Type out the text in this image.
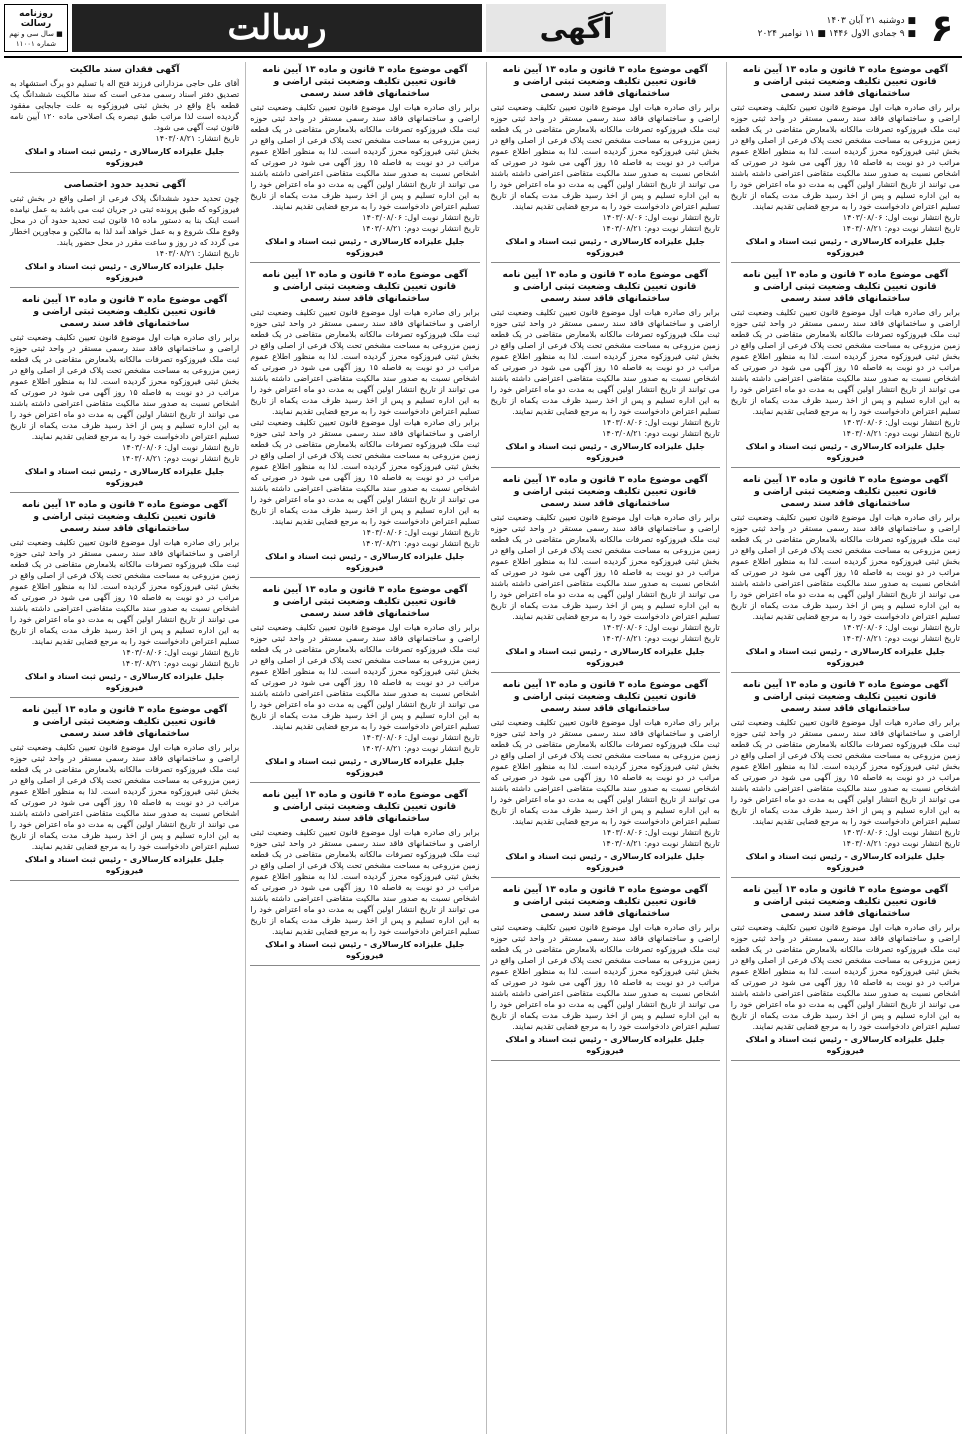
روزنامه رسالت
سال سی و نهم ■
شماره ۱۱۰۰۱	رسالت	آگهی	■ دوشنبه ۲۱ آبان ۱۴۰۳
■ ۹ جمادی الاول ۱۴۴۶ ■ ۱۱ نوامبر ۲۰۲۴ ۶
آگهی موضوع ماده ۳ قانون و ماده ۱۳ آیین نامه قانون تعیین تکلیف وضعیت ثبتی اراضی و ساختمانهای فاقد سند رسمی
برابر رای صادره هیات اول موضوع قانون تعیین تکلیف وضعیت ثبتی اراضی و ساختمانهای فاقد سند رسمی مستقر در واحد ثبتی حوزه ثبت ملک فیروزکوه تصرفات مالکانه بلامعارض متقاضی در یک قطعه زمین مزروعی به مساحت مشخص تحت پلاک فرعی از اصلی واقع در بخش ثبتی فیروزکوه محرز گردیده است. لذا به منظور اطلاع عموم مراتب در دو نوبت به فاصله ۱۵ روز آگهی می شود در صورتی که اشخاص نسبت به صدور سند مالکیت متقاضی اعتراضی داشته باشند می توانند از تاریخ انتشار اولین آگهی به مدت دو ماه اعتراض خود را به این اداره تسلیم و پس از اخذ رسید ظرف مدت یکماه از تاریخ تسلیم اعتراض دادخواست خود را به مرجع قضایی تقدیم نمایند.
تاریخ انتشار نوبت اول: ۱۴۰۳/۰۸/۰۶
تاریخ انتشار نوبت دوم: ۱۴۰۳/۰۸/۲۱
جلیل علیزاده کارسالاری - رئیس ثبت اسناد و املاک فیروزکوه
آگهی موضوع ماده ۳ قانون و ماده ۱۳ آیین نامه قانون تعیین تکلیف وضعیت ثبتی اراضی و ساختمانهای فاقد سند رسمی
برابر رای صادره هیات اول موضوع قانون تعیین تکلیف وضعیت ثبتی اراضی و ساختمانهای فاقد سند رسمی مستقر در واحد ثبتی حوزه ثبت ملک فیروزکوه تصرفات مالکانه بلامعارض متقاضی در یک قطعه زمین مزروعی به مساحت مشخص تحت پلاک فرعی از اصلی واقع در بخش ثبتی فیروزکوه محرز گردیده است. لذا به منظور اطلاع عموم مراتب در دو نوبت به فاصله ۱۵ روز آگهی می شود در صورتی که اشخاص نسبت به صدور سند مالکیت متقاضی اعتراضی داشته باشند می توانند از تاریخ انتشار اولین آگهی به مدت دو ماه اعتراض خود را به این اداره تسلیم و پس از اخذ رسید ظرف مدت یکماه از تاریخ تسلیم اعتراض دادخواست خود را به مرجع قضایی تقدیم نمایند.
تاریخ انتشار نوبت اول: ۱۴۰۳/۰۸/۰۶
تاریخ انتشار نوبت دوم: ۱۴۰۳/۰۸/۲۱
جلیل علیزاده کارسالاری - رئیس ثبت اسناد و املاک فیروزکوه
آگهی موضوع ماده ۳ قانون و ماده ۱۳ آیین نامه قانون تعیین تکلیف وضعیت ثبتی اراضی و ساختمانهای فاقد سند رسمی
برابر رای صادره هیات اول موضوع قانون تعیین تکلیف وضعیت ثبتی اراضی و ساختمانهای فاقد سند رسمی مستقر در واحد ثبتی حوزه ثبت ملک فیروزکوه تصرفات مالکانه بلامعارض متقاضی در یک قطعه زمین مزروعی به مساحت مشخص تحت پلاک فرعی از اصلی واقع در بخش ثبتی فیروزکوه محرز گردیده است. لذا به منظور اطلاع عموم مراتب در دو نوبت به فاصله ۱۵ روز آگهی می شود در صورتی که اشخاص نسبت به صدور سند مالکیت متقاضی اعتراضی داشته باشند می توانند از تاریخ انتشار اولین آگهی به مدت دو ماه اعتراض خود را به این اداره تسلیم و پس از اخذ رسید ظرف مدت یکماه از تاریخ تسلیم اعتراض دادخواست خود را به مرجع قضایی تقدیم نمایند.
تاریخ انتشار نوبت اول: ۱۴۰۳/۰۸/۰۶
تاریخ انتشار نوبت دوم: ۱۴۰۳/۰۸/۲۱
جلیل علیزاده کارسالاری - رئیس ثبت اسناد و املاک فیروزکوه
آگهی موضوع ماده ۳ قانون و ماده ۱۳ آیین نامه قانون تعیین تکلیف وضعیت ثبتی اراضی و ساختمانهای فاقد سند رسمی
برابر رای صادره هیات اول موضوع قانون تعیین تکلیف وضعیت ثبتی اراضی و ساختمانهای فاقد سند رسمی مستقر در واحد ثبتی حوزه ثبت ملک فیروزکوه تصرفات مالکانه بلامعارض متقاضی در یک قطعه زمین مزروعی به مساحت مشخص تحت پلاک فرعی از اصلی واقع در بخش ثبتی فیروزکوه محرز گردیده است. لذا به منظور اطلاع عموم مراتب در دو نوبت به فاصله ۱۵ روز آگهی می شود در صورتی که اشخاص نسبت به صدور سند مالکیت متقاضی اعتراضی داشته باشند می توانند از تاریخ انتشار اولین آگهی به مدت دو ماه اعتراض خود را به این اداره تسلیم و پس از اخذ رسید ظرف مدت یکماه از تاریخ تسلیم اعتراض دادخواست خود را به مرجع قضایی تقدیم نمایند.
تاریخ انتشار نوبت اول: ۱۴۰۳/۰۸/۰۶
تاریخ انتشار نوبت دوم: ۱۴۰۳/۰۸/۲۱
جلیل علیزاده کارسالاری - رئیس ثبت اسناد و املاک فیروزکوه
آگهی موضوع ماده ۳ قانون و ماده ۱۳ آیین نامه قانون تعیین تکلیف وضعیت ثبتی اراضی و ساختمانهای فاقد سند رسمی
برابر رای صادره هیات اول موضوع قانون تعیین تکلیف وضعیت ثبتی اراضی و ساختمانهای فاقد سند رسمی مستقر در واحد ثبتی حوزه ثبت ملک فیروزکوه تصرفات مالکانه بلامعارض متقاضی در یک قطعه زمین مزروعی به مساحت مشخص تحت پلاک فرعی از اصلی واقع در بخش ثبتی فیروزکوه محرز گردیده است. لذا به منظور اطلاع عموم مراتب در دو نوبت به فاصله ۱۵ روز آگهی می شود در صورتی که اشخاص نسبت به صدور سند مالکیت متقاضی اعتراضی داشته باشند می توانند از تاریخ انتشار اولین آگهی به مدت دو ماه اعتراض خود را به این اداره تسلیم و پس از اخذ رسید ظرف مدت یکماه از تاریخ تسلیم اعتراض دادخواست خود را به مرجع قضایی تقدیم نمایند.
جلیل علیزاده کارسالاری - رئیس ثبت اسناد و املاک فیروزکوه
آگهی موضوع ماده ۳ قانون و ماده ۱۳ آیین نامه قانون تعیین تکلیف وضعیت ثبتی اراضی و ساختمانهای فاقد سند رسمی
برابر رای صادره هیات اول موضوع قانون تعیین تکلیف وضعیت ثبتی اراضی و ساختمانهای فاقد سند رسمی مستقر در واحد ثبتی حوزه ثبت ملک فیروزکوه تصرفات مالکانه بلامعارض متقاضی در یک قطعه زمین مزروعی به مساحت مشخص تحت پلاک فرعی از اصلی واقع در بخش ثبتی فیروزکوه محرز گردیده است. لذا به منظور اطلاع عموم مراتب در دو نوبت به فاصله ۱۵ روز آگهی می شود در صورتی که اشخاص نسبت به صدور سند مالکیت متقاضی اعتراضی داشته باشند می توانند از تاریخ انتشار اولین آگهی به مدت دو ماه اعتراض خود را به این اداره تسلیم و پس از اخذ رسید ظرف مدت یکماه از تاریخ تسلیم اعتراض دادخواست خود را به مرجع قضایی تقدیم نمایند.
تاریخ انتشار نوبت اول: ۱۴۰۳/۰۸/۰۶
تاریخ انتشار نوبت دوم: ۱۴۰۳/۰۸/۲۱
جلیل علیزاده کارسالاری - رئیس ثبت اسناد و املاک فیروزکوه
آگهی موضوع ماده ۳ قانون و ماده ۱۳ آیین نامه قانون تعیین تکلیف وضعیت ثبتی اراضی و ساختمانهای فاقد سند رسمی
برابر رای صادره هیات اول موضوع قانون تعیین تکلیف وضعیت ثبتی اراضی و ساختمانهای فاقد سند رسمی مستقر در واحد ثبتی حوزه ثبت ملک فیروزکوه تصرفات مالکانه بلامعارض متقاضی در یک قطعه زمین مزروعی به مساحت مشخص تحت پلاک فرعی از اصلی واقع در بخش ثبتی فیروزکوه محرز گردیده است. لذا به منظور اطلاع عموم مراتب در دو نوبت به فاصله ۱۵ روز آگهی می شود در صورتی که اشخاص نسبت به صدور سند مالکیت متقاضی اعتراضی داشته باشند می توانند از تاریخ انتشار اولین آگهی به مدت دو ماه اعتراض خود را به این اداره تسلیم و پس از اخذ رسید ظرف مدت یکماه از تاریخ تسلیم اعتراض دادخواست خود را به مرجع قضایی تقدیم نمایند.
تاریخ انتشار نوبت اول: ۱۴۰۳/۰۸/۰۶
تاریخ انتشار نوبت دوم: ۱۴۰۳/۰۸/۲۱
جلیل علیزاده کارسالاری - رئیس ثبت اسناد و املاک فیروزکوه
آگهی موضوع ماده ۳ قانون و ماده ۱۳ آیین نامه قانون تعیین تکلیف وضعیت ثبتی اراضی و ساختمانهای فاقد سند رسمی
برابر رای صادره هیات اول موضوع قانون تعیین تکلیف وضعیت ثبتی اراضی و ساختمانهای فاقد سند رسمی مستقر در واحد ثبتی حوزه ثبت ملک فیروزکوه تصرفات مالکانه بلامعارض متقاضی در یک قطعه زمین مزروعی به مساحت مشخص تحت پلاک فرعی از اصلی واقع در بخش ثبتی فیروزکوه محرز گردیده است. لذا به منظور اطلاع عموم مراتب در دو نوبت به فاصله ۱۵ روز آگهی می شود در صورتی که اشخاص نسبت به صدور سند مالکیت متقاضی اعتراضی داشته باشند می توانند از تاریخ انتشار اولین آگهی به مدت دو ماه اعتراض خود را به این اداره تسلیم و پس از اخذ رسید ظرف مدت یکماه از تاریخ تسلیم اعتراض دادخواست خود را به مرجع قضایی تقدیم نمایند.
تاریخ انتشار نوبت اول: ۱۴۰۳/۰۸/۰۶
تاریخ انتشار نوبت دوم: ۱۴۰۳/۰۸/۲۱
جلیل علیزاده کارسالاری - رئیس ثبت اسناد و املاک فیروزکوه
آگهی موضوع ماده ۳ قانون و ماده ۱۳ آیین نامه قانون تعیین تکلیف وضعیت ثبتی اراضی و ساختمانهای فاقد سند رسمی
برابر رای صادره هیات اول موضوع قانون تعیین تکلیف وضعیت ثبتی اراضی و ساختمانهای فاقد سند رسمی مستقر در واحد ثبتی حوزه ثبت ملک فیروزکوه تصرفات مالکانه بلامعارض متقاضی در یک قطعه زمین مزروعی به مساحت مشخص تحت پلاک فرعی از اصلی واقع در بخش ثبتی فیروزکوه محرز گردیده است. لذا به منظور اطلاع عموم مراتب در دو نوبت به فاصله ۱۵ روز آگهی می شود در صورتی که اشخاص نسبت به صدور سند مالکیت متقاضی اعتراضی داشته باشند می توانند از تاریخ انتشار اولین آگهی به مدت دو ماه اعتراض خود را به این اداره تسلیم و پس از اخذ رسید ظرف مدت یکماه از تاریخ تسلیم اعتراض دادخواست خود را به مرجع قضایی تقدیم نمایند.
تاریخ انتشار نوبت اول: ۱۴۰۳/۰۸/۰۶
تاریخ انتشار نوبت دوم: ۱۴۰۳/۰۸/۲۱
جلیل علیزاده کارسالاری - رئیس ثبت اسناد و املاک فیروزکوه
آگهی موضوع ماده ۳ قانون و ماده ۱۳ آیین نامه قانون تعیین تکلیف وضعیت ثبتی اراضی و ساختمانهای فاقد سند رسمی
برابر رای صادره هیات اول موضوع قانون تعیین تکلیف وضعیت ثبتی اراضی و ساختمانهای فاقد سند رسمی مستقر در واحد ثبتی حوزه ثبت ملک فیروزکوه تصرفات مالکانه بلامعارض متقاضی در یک قطعه زمین مزروعی به مساحت مشخص تحت پلاک فرعی از اصلی واقع در بخش ثبتی فیروزکوه محرز گردیده است. لذا به منظور اطلاع عموم مراتب در دو نوبت به فاصله ۱۵ روز آگهی می شود در صورتی که اشخاص نسبت به صدور سند مالکیت متقاضی اعتراضی داشته باشند می توانند از تاریخ انتشار اولین آگهی به مدت دو ماه اعتراض خود را به این اداره تسلیم و پس از اخذ رسید ظرف مدت یکماه از تاریخ تسلیم اعتراض دادخواست خود را به مرجع قضایی تقدیم نمایند.
جلیل علیزاده کارسالاری - رئیس ثبت اسناد و املاک فیروزکوه
آگهی موضوع ماده ۳ قانون و ماده ۱۳ آیین نامه قانون تعیین تکلیف وضعیت ثبتی اراضی و ساختمانهای فاقد سند رسمی
برابر رای صادره هیات اول موضوع قانون تعیین تکلیف وضعیت ثبتی اراضی و ساختمانهای فاقد سند رسمی مستقر در واحد ثبتی حوزه ثبت ملک فیروزکوه تصرفات مالکانه بلامعارض متقاضی در یک قطعه زمین مزروعی به مساحت مشخص تحت پلاک فرعی از اصلی واقع در بخش ثبتی فیروزکوه محرز گردیده است. لذا به منظور اطلاع عموم مراتب در دو نوبت به فاصله ۱۵ روز آگهی می شود در صورتی که اشخاص نسبت به صدور سند مالکیت متقاضی اعتراضی داشته باشند می توانند از تاریخ انتشار اولین آگهی به مدت دو ماه اعتراض خود را به این اداره تسلیم و پس از اخذ رسید ظرف مدت یکماه از تاریخ تسلیم اعتراض دادخواست خود را به مرجع قضایی تقدیم نمایند.
تاریخ انتشار نوبت اول: ۱۴۰۳/۰۸/۰۶
تاریخ انتشار نوبت دوم: ۱۴۰۳/۰۸/۲۱
جلیل علیزاده کارسالاری - رئیس ثبت اسناد و املاک فیروزکوه
آگهی موضوع ماده ۳ قانون و ماده ۱۳ آیین نامه قانون تعیین تکلیف وضعیت ثبتی اراضی و ساختمانهای فاقد سند رسمی
برابر رای صادره هیات اول موضوع قانون تعیین تکلیف وضعیت ثبتی اراضی و ساختمانهای فاقد سند رسمی مستقر در واحد ثبتی حوزه ثبت ملک فیروزکوه تصرفات مالکانه بلامعارض متقاضی در یک قطعه زمین مزروعی به مساحت مشخص تحت پلاک فرعی از اصلی واقع در بخش ثبتی فیروزکوه محرز گردیده است. لذا به منظور اطلاع عموم مراتب در دو نوبت به فاصله ۱۵ روز آگهی می شود در صورتی که اشخاص نسبت به صدور سند مالکیت متقاضی اعتراضی داشته باشند می توانند از تاریخ انتشار اولین آگهی به مدت دو ماه اعتراض خود را به این اداره تسلیم و پس از اخذ رسید ظرف مدت یکماه از تاریخ تسلیم اعتراض دادخواست خود را به مرجع قضایی تقدیم نمایند.
برابر رای صادره هیات اول موضوع قانون تعیین تکلیف وضعیت ثبتی اراضی و ساختمانهای فاقد سند رسمی مستقر در واحد ثبتی حوزه ثبت ملک فیروزکوه تصرفات مالکانه بلامعارض متقاضی در یک قطعه زمین مزروعی به مساحت مشخص تحت پلاک فرعی از اصلی واقع در بخش ثبتی فیروزکوه محرز گردیده است. لذا به منظور اطلاع عموم مراتب در دو نوبت به فاصله ۱۵ روز آگهی می شود در صورتی که اشخاص نسبت به صدور سند مالکیت متقاضی اعتراضی داشته باشند می توانند از تاریخ انتشار اولین آگهی به مدت دو ماه اعتراض خود را به این اداره تسلیم و پس از اخذ رسید ظرف مدت یکماه از تاریخ تسلیم اعتراض دادخواست خود را به مرجع قضایی تقدیم نمایند.
تاریخ انتشار نوبت اول: ۱۴۰۳/۰۸/۰۶
تاریخ انتشار نوبت دوم: ۱۴۰۳/۰۸/۲۱
جلیل علیزاده کارسالاری - رئیس ثبت اسناد و املاک فیروزکوه
آگهی موضوع ماده ۳ قانون و ماده ۱۳ آیین نامه قانون تعیین تکلیف وضعیت ثبتی اراضی و ساختمانهای فاقد سند رسمی
برابر رای صادره هیات اول موضوع قانون تعیین تکلیف وضعیت ثبتی اراضی و ساختمانهای فاقد سند رسمی مستقر در واحد ثبتی حوزه ثبت ملک فیروزکوه تصرفات مالکانه بلامعارض متقاضی در یک قطعه زمین مزروعی به مساحت مشخص تحت پلاک فرعی از اصلی واقع در بخش ثبتی فیروزکوه محرز گردیده است. لذا به منظور اطلاع عموم مراتب در دو نوبت به فاصله ۱۵ روز آگهی می شود در صورتی که اشخاص نسبت به صدور سند مالکیت متقاضی اعتراضی داشته باشند می توانند از تاریخ انتشار اولین آگهی به مدت دو ماه اعتراض خود را به این اداره تسلیم و پس از اخذ رسید ظرف مدت یکماه از تاریخ تسلیم اعتراض دادخواست خود را به مرجع قضایی تقدیم نمایند.
تاریخ انتشار نوبت اول: ۱۴۰۳/۰۸/۰۶
تاریخ انتشار نوبت دوم: ۱۴۰۳/۰۸/۲۱
جلیل علیزاده کارسالاری - رئیس ثبت اسناد و املاک فیروزکوه
آگهی موضوع ماده ۳ قانون و ماده ۱۳ آیین نامه قانون تعیین تکلیف وضعیت ثبتی اراضی و ساختمانهای فاقد سند رسمی
برابر رای صادره هیات اول موضوع قانون تعیین تکلیف وضعیت ثبتی اراضی و ساختمانهای فاقد سند رسمی مستقر در واحد ثبتی حوزه ثبت ملک فیروزکوه تصرفات مالکانه بلامعارض متقاضی در یک قطعه زمین مزروعی به مساحت مشخص تحت پلاک فرعی از اصلی واقع در بخش ثبتی فیروزکوه محرز گردیده است. لذا به منظور اطلاع عموم مراتب در دو نوبت به فاصله ۱۵ روز آگهی می شود در صورتی که اشخاص نسبت به صدور سند مالکیت متقاضی اعتراضی داشته باشند می توانند از تاریخ انتشار اولین آگهی به مدت دو ماه اعتراض خود را به این اداره تسلیم و پس از اخذ رسید ظرف مدت یکماه از تاریخ تسلیم اعتراض دادخواست خود را به مرجع قضایی تقدیم نمایند.
جلیل علیزاده کارسالاری - رئیس ثبت اسناد و املاک فیروزکوه
آگهی فقدان سند مالکیت
آقای علی حاجی مزدارانی فرزند فتح اله با تسلیم دو برگ استشهاد به تصدیق دفتر اسناد رسمی مدعی است که سند مالکیت ششدانگ یک قطعه باغ واقع در بخش ثبتی فیروزکوه به علت جابجایی مفقود گردیده است لذا مراتب طبق تبصره یک اصلاحی ماده ۱۲۰ آیین نامه قانون ثبت آگهی می شود.
تاریخ انتشار: ۱۴۰۳/۰۸/۲۱
جلیل علیزاده کارسالاری - رئیس ثبت اسناد و املاک فیروزکوه
آگهی تحدید حدود اختصاصی
چون تحدید حدود ششدانگ پلاک فرعی از اصلی واقع در بخش ثبتی فیروزکوه که طبق پرونده ثبتی در جریان ثبت می باشد به عمل نیامده است اینک بنا به دستور ماده ۱۵ قانون ثبت تحدید حدود آن در محل وقوع ملک شروع و به عمل خواهد آمد لذا به مالکین و مجاورین اخطار می گردد که در روز و ساعت مقرر در محل حضور یابند.
تاریخ انتشار: ۱۴۰۳/۰۸/۲۱
جلیل علیزاده کارسالاری - رئیس ثبت اسناد و املاک فیروزکوه
آگهی موضوع ماده ۳ قانون و ماده ۱۳ آیین نامه قانون تعیین تکلیف وضعیت ثبتی اراضی و ساختمانهای فاقد سند رسمی
برابر رای صادره هیات اول موضوع قانون تعیین تکلیف وضعیت ثبتی اراضی و ساختمانهای فاقد سند رسمی مستقر در واحد ثبتی حوزه ثبت ملک فیروزکوه تصرفات مالکانه بلامعارض متقاضی در یک قطعه زمین مزروعی به مساحت مشخص تحت پلاک فرعی از اصلی واقع در بخش ثبتی فیروزکوه محرز گردیده است. لذا به منظور اطلاع عموم مراتب در دو نوبت به فاصله ۱۵ روز آگهی می شود در صورتی که اشخاص نسبت به صدور سند مالکیت متقاضی اعتراضی داشته باشند می توانند از تاریخ انتشار اولین آگهی به مدت دو ماه اعتراض خود را به این اداره تسلیم و پس از اخذ رسید ظرف مدت یکماه از تاریخ تسلیم اعتراض دادخواست خود را به مرجع قضایی تقدیم نمایند.
تاریخ انتشار نوبت اول: ۱۴۰۳/۰۸/۰۶
تاریخ انتشار نوبت دوم: ۱۴۰۳/۰۸/۲۱
جلیل علیزاده کارسالاری - رئیس ثبت اسناد و املاک فیروزکوه
آگهی موضوع ماده ۳ قانون و ماده ۱۳ آیین نامه قانون تعیین تکلیف وضعیت ثبتی اراضی و ساختمانهای فاقد سند رسمی
برابر رای صادره هیات اول موضوع قانون تعیین تکلیف وضعیت ثبتی اراضی و ساختمانهای فاقد سند رسمی مستقر در واحد ثبتی حوزه ثبت ملک فیروزکوه تصرفات مالکانه بلامعارض متقاضی در یک قطعه زمین مزروعی به مساحت مشخص تحت پلاک فرعی از اصلی واقع در بخش ثبتی فیروزکوه محرز گردیده است. لذا به منظور اطلاع عموم مراتب در دو نوبت به فاصله ۱۵ روز آگهی می شود در صورتی که اشخاص نسبت به صدور سند مالکیت متقاضی اعتراضی داشته باشند می توانند از تاریخ انتشار اولین آگهی به مدت دو ماه اعتراض خود را به این اداره تسلیم و پس از اخذ رسید ظرف مدت یکماه از تاریخ تسلیم اعتراض دادخواست خود را به مرجع قضایی تقدیم نمایند.
تاریخ انتشار نوبت اول: ۱۴۰۳/۰۸/۰۶
تاریخ انتشار نوبت دوم: ۱۴۰۳/۰۸/۲۱
جلیل علیزاده کارسالاری - رئیس ثبت اسناد و املاک فیروزکوه
آگهی موضوع ماده ۳ قانون و ماده ۱۳ آیین نامه قانون تعیین تکلیف وضعیت ثبتی اراضی و ساختمانهای فاقد سند رسمی
برابر رای صادره هیات اول موضوع قانون تعیین تکلیف وضعیت ثبتی اراضی و ساختمانهای فاقد سند رسمی مستقر در واحد ثبتی حوزه ثبت ملک فیروزکوه تصرفات مالکانه بلامعارض متقاضی در یک قطعه زمین مزروعی به مساحت مشخص تحت پلاک فرعی از اصلی واقع در بخش ثبتی فیروزکوه محرز گردیده است. لذا به منظور اطلاع عموم مراتب در دو نوبت به فاصله ۱۵ روز آگهی می شود در صورتی که اشخاص نسبت به صدور سند مالکیت متقاضی اعتراضی داشته باشند می توانند از تاریخ انتشار اولین آگهی به مدت دو ماه اعتراض خود را به این اداره تسلیم و پس از اخذ رسید ظرف مدت یکماه از تاریخ تسلیم اعتراض دادخواست خود را به مرجع قضایی تقدیم نمایند.
جلیل علیزاده کارسالاری - رئیس ثبت اسناد و املاک فیروزکوه
